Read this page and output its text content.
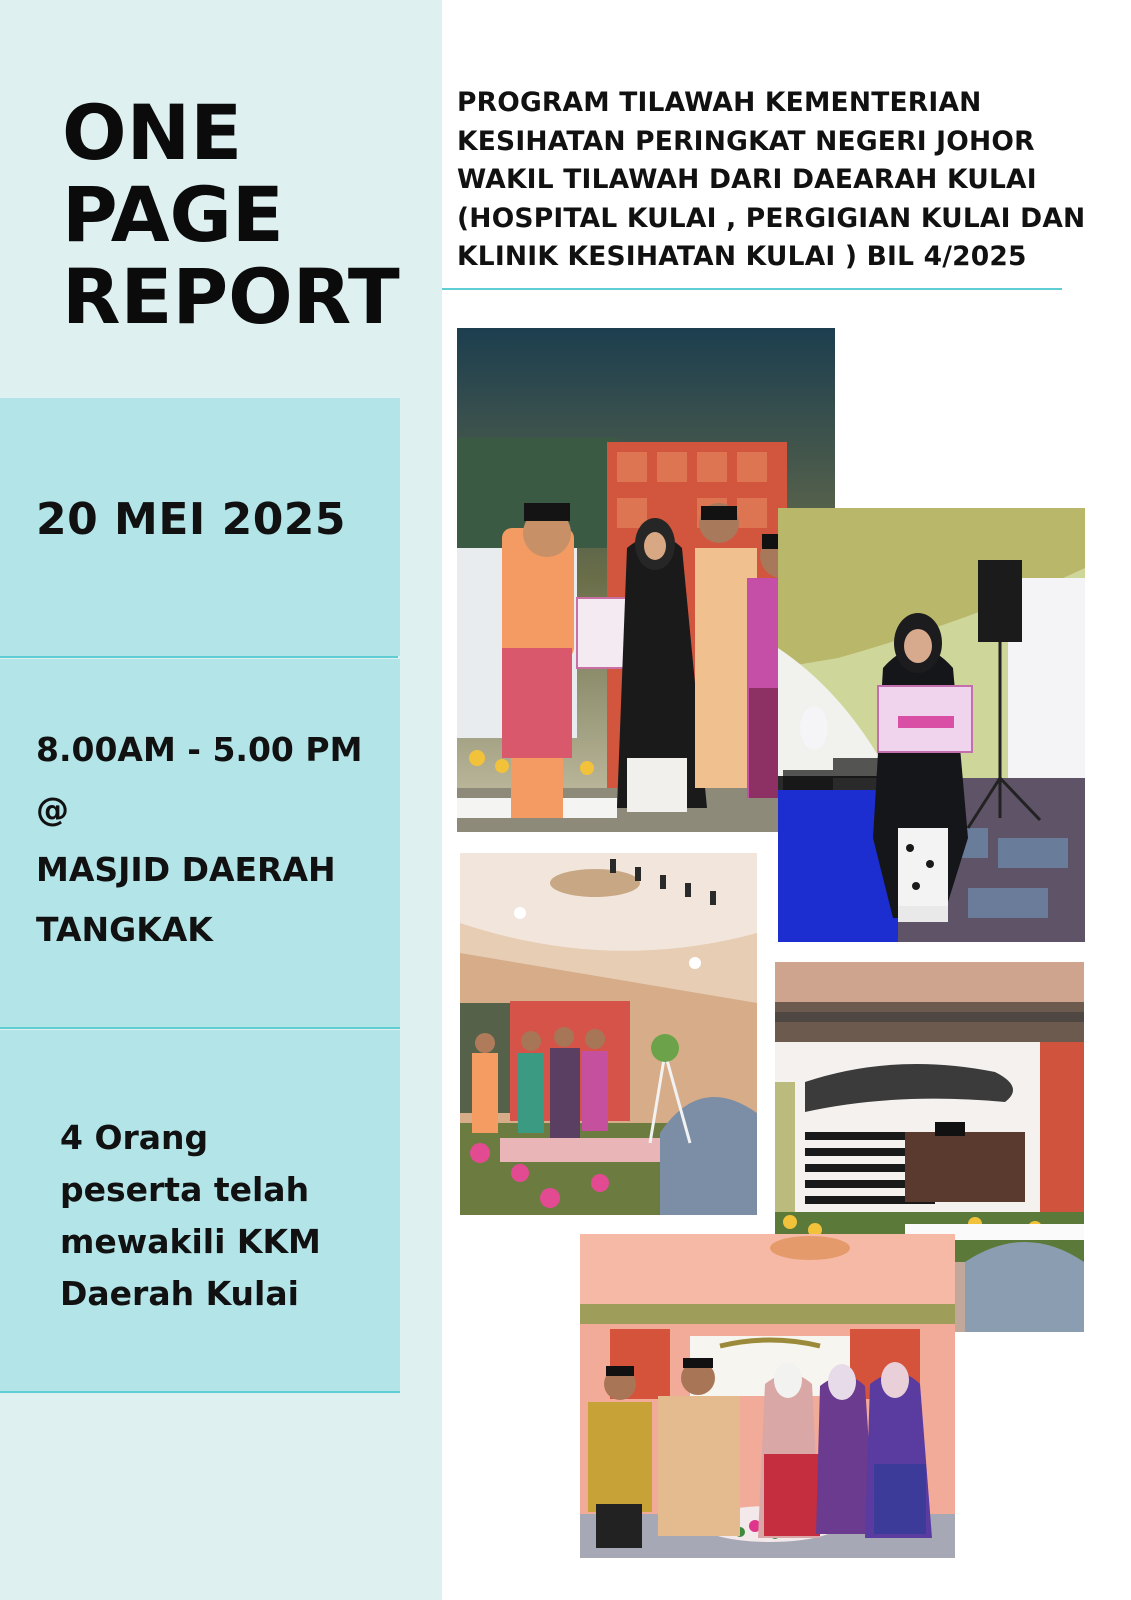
ONE
PAGE
REPORT
20 MEI 2025
8.00AM - 5.00 PM
@
MASJID DAERAH
TANGKAK
4 Orang
peserta telah
mewakili KKM
Daerah Kulai
PROGRAM TILAWAH KEMENTERIAN
KESIHATAN PERINGKAT NEGERI JOHOR
WAKIL TILAWAH DARI DAEARAH KULAI
(HOSPITAL KULAI , PERGIGIAN KULAI DAN
KLINIK KESIHATAN KULAI ) BIL 4/2025
